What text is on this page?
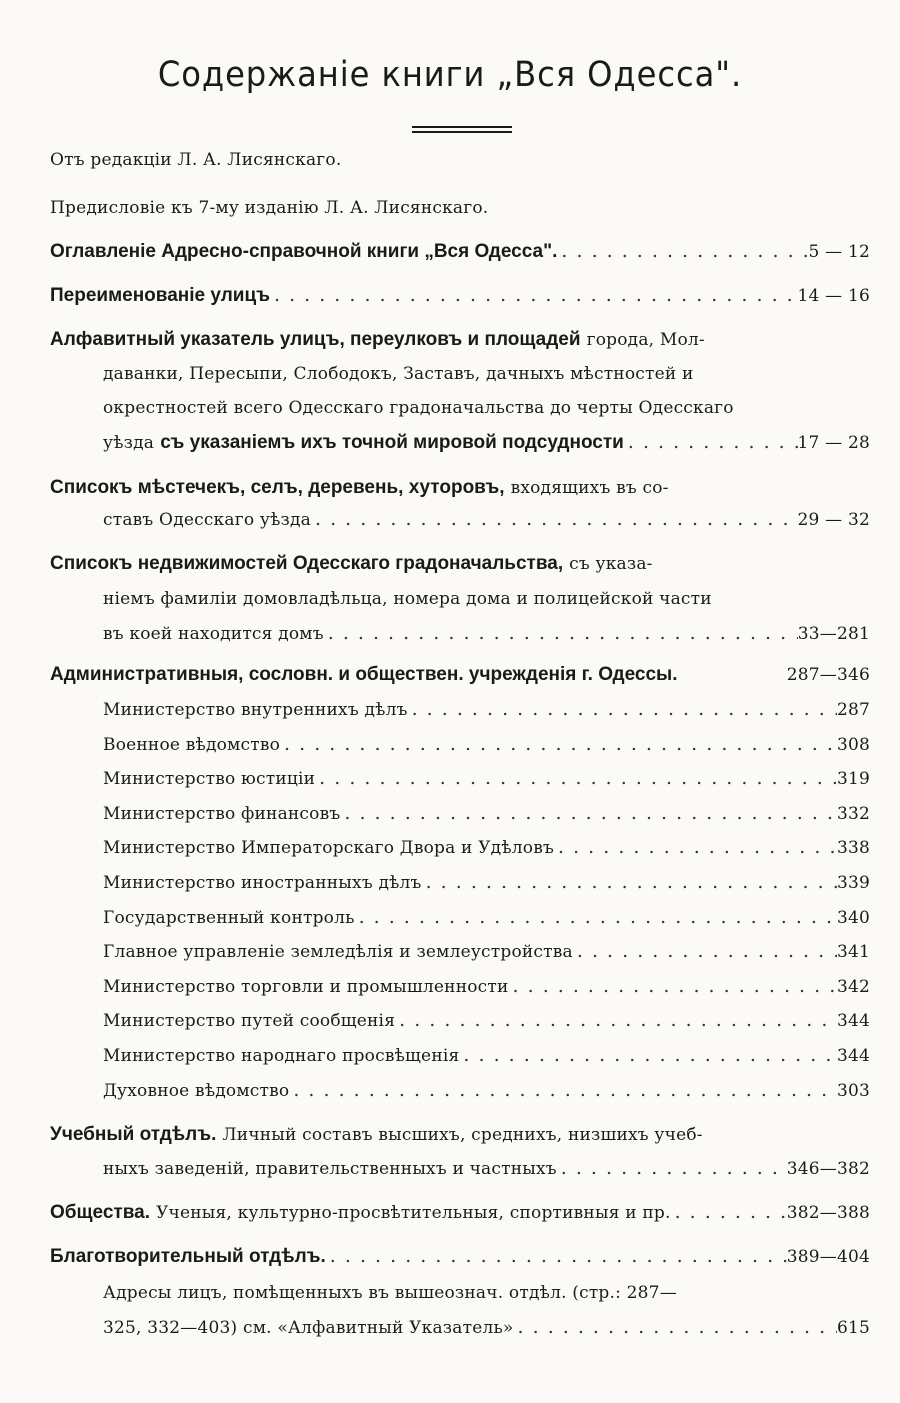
Содержаніе книги „Вся Одесса".
Отъ редакціи Л. А. Лисянскаго.
Предисловіе къ 7-му изданію Л. А. Лисянскаго.
Оглавленіе Адресно-справочной книги „Вся Одесса". . . .	5 — 12
Переименованіе улицъ . . .	14 — 16
Алфавитный указатель улицъ, переулковъ и площадей
города, Мол-
даванки, Пересыпи, Слободокъ, Заставъ, дачныхъ мѣстностей и
окрестностей всего Одесскаго градоначальства до черты Одесскаго
уѣзда
съ указаніемъ ихъ точной мировой подсудности . . .	17 — 28
Списокъ мѣстечекъ, селъ, деревень, хуторовъ,
входящихъ въ со-
ставъ Одесскаго уѣзда . . .	29 — 32
Списокъ недвижимостей Одесскаго градоначальства,
съ указа-
ніемъ фамиліи домовладѣльца, номера дома и полицейской части
въ коей находится домъ . . .	33—281
Административныя, сословн. и обществен. учрежденія г. Одессы.	287—346
Министерство внутреннихъ дѣлъ . . .	287
Военное вѣдомство . . .	308
Министерство юстиціи . . .	319
Министерство финансовъ . . .	332
Министерство Императорскаго Двора и Удѣловъ . . .	338
Министерство иностранныхъ дѣлъ . . .	339
Государственный контроль . . .	340
Главное управленіе земледѣлія и землеустройства . . .	341
Министерство торговли и промышленности . . .	342
Министерство путей сообщенія . . .	344
Министерство народнаго просвѣщенія . . .	344
Духовное вѣдомство . . .	303
Учебный отдѣлъ.
Личный составъ высшихъ, среднихъ, низшихъ учеб-
ныхъ заведеній, правительственныхъ и частныхъ . . .	346—382
Общества.
Ученыя, культурно-просвѣтительныя, спортивныя и пр. . . .	382—388
Благотворительный отдѣлъ. . . .	389—404
Адресы лицъ, помѣщенныхъ въ вышеознач. отдѣл. (стр.: 287—
325, 332—403) см. «Алфавитный Указатель» . . .	615
